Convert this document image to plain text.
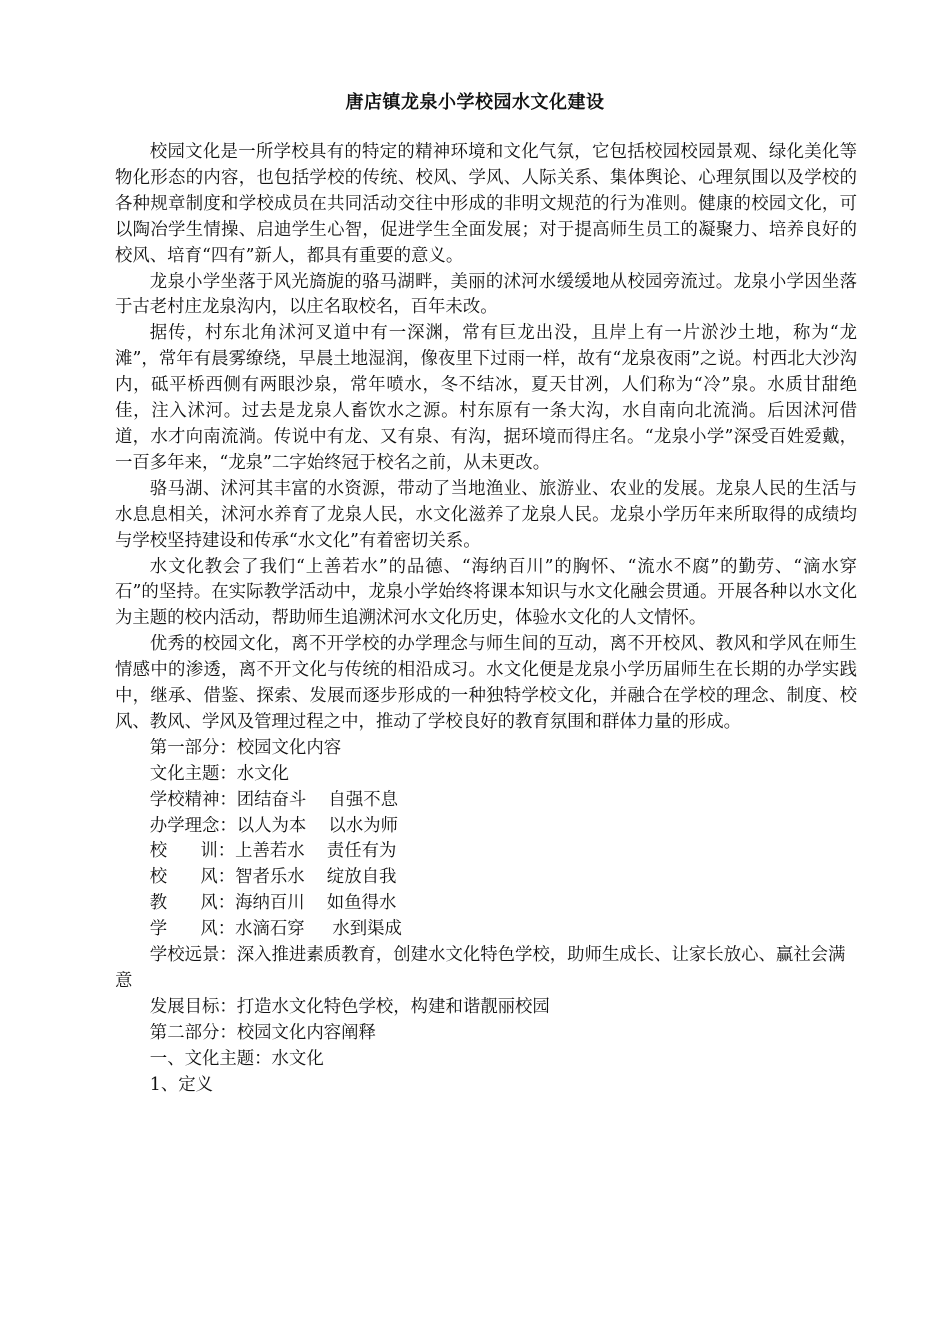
唐店镇龙泉小学校园水文化建设

校园文化是一所学校具有的特定的精神环境和文化气氛，它包括校园校园景观、绿化美化等物化形态的内容，也包括学校的传统、校风、学风、人际关系、集体舆论、心理氛围以及学校的各种规章制度和学校成员在共同活动交往中形成的非明文规范的行为准则。健康的校园文化，可以陶冶学生情操、启迪学生心智，促进学生全面发展；对于提高师生员工的凝聚力、培养良好的校风、培育“四有”新人，都具有重要的意义。

龙泉小学坐落于风光旖旎的骆马湖畔，美丽的沭河水缓缓地从校园旁流过。龙泉小学因坐落于古老村庄龙泉沟内，以庄名取校名，百年未改。

据传，村东北角沭河叉道中有一深渊，常有巨龙出没，且岸上有一片淤沙土地，称为“龙滩”，常年有晨雾缭绕，早晨土地湿润，像夜里下过雨一样，故有“龙泉夜雨”之说。村西北大沙沟内，砥平桥西侧有两眼沙泉，常年喷水，冬不结冰，夏天甘冽，人们称为“冷”泉。水质甘甜绝佳，注入沭河。过去是龙泉人畜饮水之源。村东原有一条大沟，水自南向北流淌。后因沭河借道，水才向南流淌。传说中有龙、又有泉、有沟，据环境而得庄名。“龙泉小学”深受百姓爱戴，一百多年来，“龙泉”二字始终冠于校名之前，从未更改。

骆马湖、沭河其丰富的水资源，带动了当地渔业、旅游业、农业的发展。龙泉人民的生活与水息息相关，沭河水养育了龙泉人民，水文化滋养了龙泉人民。龙泉小学历年来所取得的成绩均与学校坚持建设和传承“水文化”有着密切关系。

水文化教会了我们“上善若水”的品德、“海纳百川”的胸怀、“流水不腐”的勤劳、“滴水穿石”的坚持。在实际教学活动中，龙泉小学始终将课本知识与水文化融会贯通。开展各种以水文化为主题的校内活动，帮助师生追溯沭河水文化历史，体验水文化的人文情怀。

优秀的校园文化，离不开学校的办学理念与师生间的互动，离不开校风、教风和学风在师生情感中的渗透，离不开文化与传统的相沿成习。水文化便是龙泉小学历届师生在长期的办学实践中，继承、借鉴、探索、发展而逐步形成的一种独特学校文化，并融合在学校的理念、制度、校风、教风、学风及管理过程之中，推动了学校良好的教育氛围和群体力量的形成。

第一部分：校园文化内容

文化主题：水文化

学校精神：团结奋斗    自强不息

办学理念：以人为本    以水为师

校      训：上善若水    责任有为

校      风：智者乐水    绽放自我

教      风：海纳百川    如鱼得水

学      风：水滴石穿     水到渠成

学校远景：深入推进素质教育，创建水文化特色学校，助师生成长、让家长放心、赢社会满意

发展目标：打造水文化特色学校，构建和谐靓丽校园

第二部分：校园文化内容阐释

一、文化主题：水文化

1、定义
